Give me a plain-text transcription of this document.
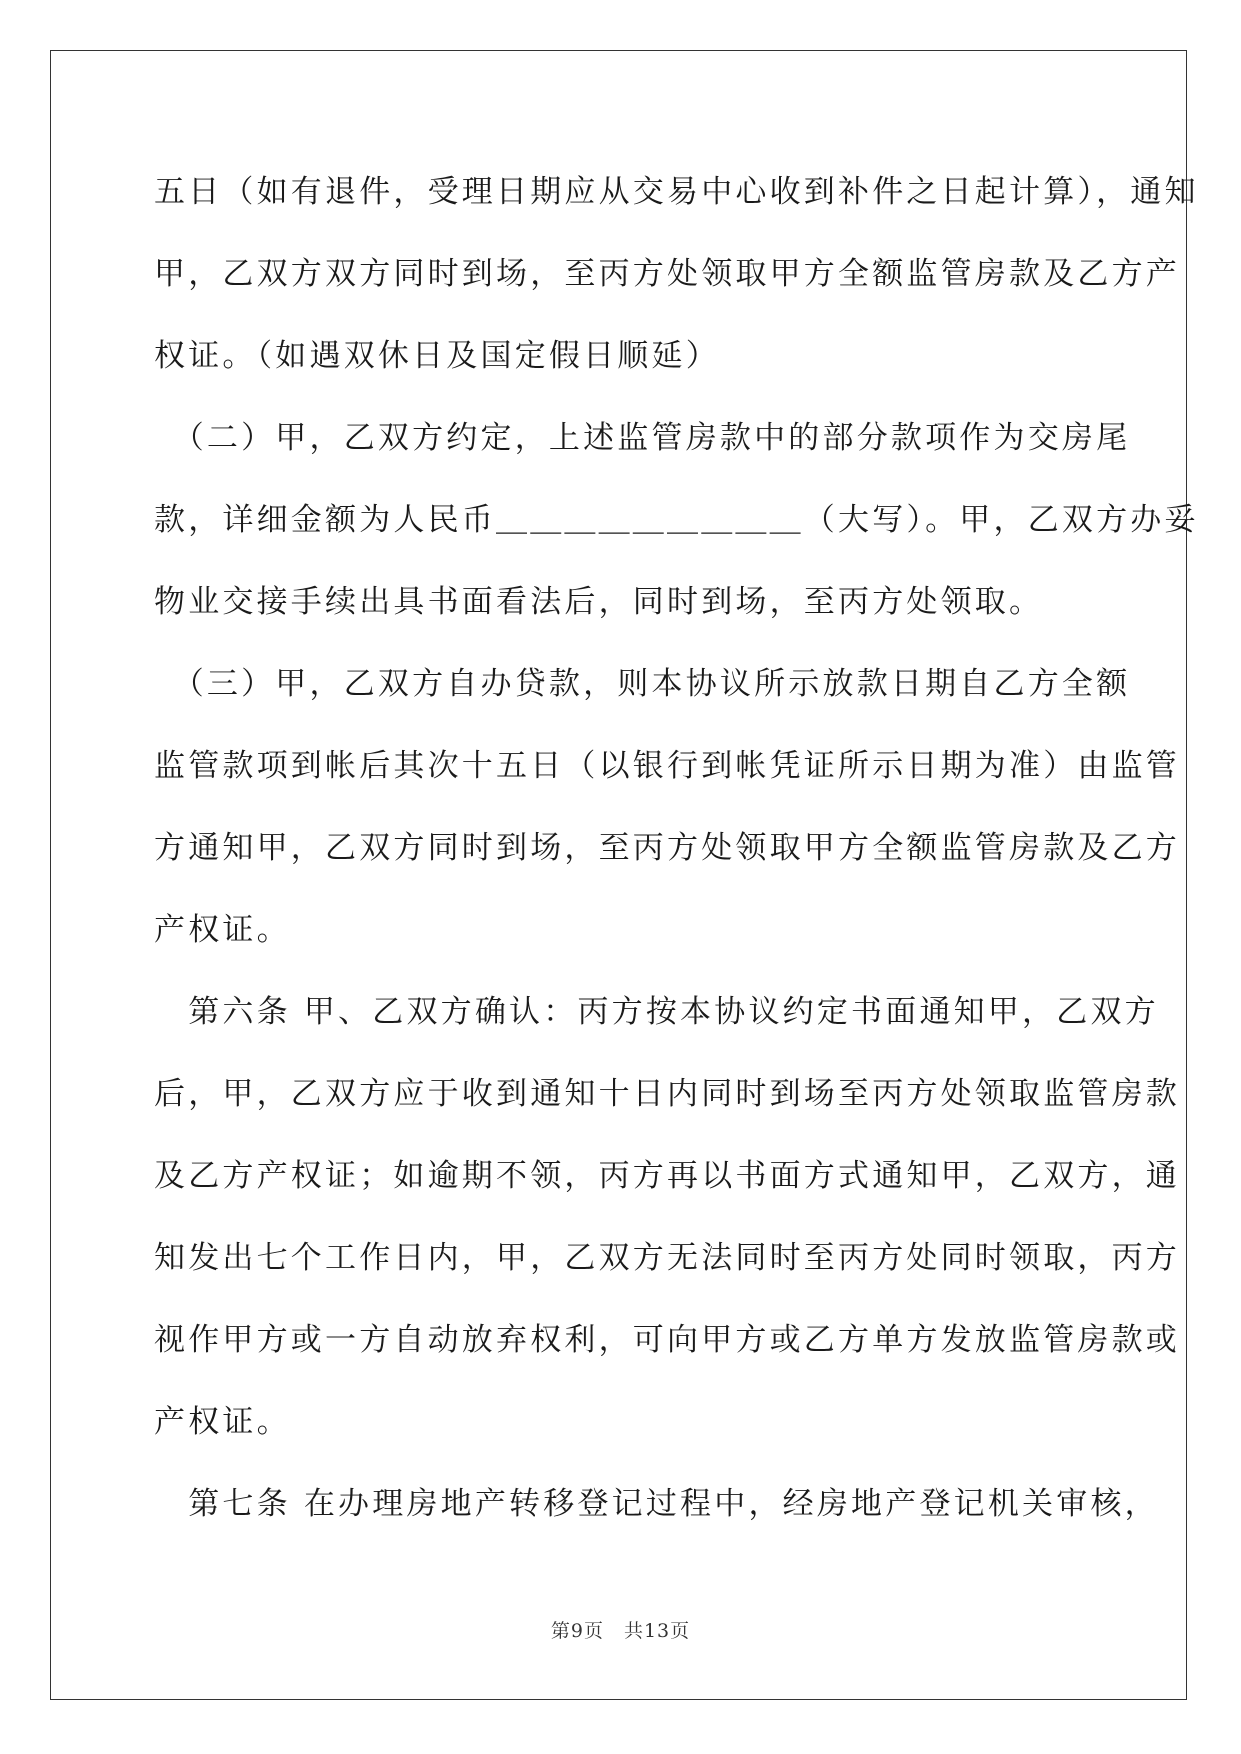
五日（如有退件，受理日期应从交易中心收到补件之日起计算），通知
甲，乙双方双方同时到场，至丙方处领取甲方全额监管房款及乙方产
权证。（如遇双休日及国定假日顺延）
　（二）甲，乙双方约定，上述监管房款中的部分款项作为交房尾
款，详细金额为人民币＿＿＿＿＿＿＿＿＿（大写）。甲，乙双方办妥
物业交接手续出具书面看法后，同时到场，至丙方处领取。
　（三）甲，乙双方自办贷款，则本协议所示放款日期自乙方全额
监管款项到帐后其次十五日（以银行到帐凭证所示日期为准）由监管
方通知甲，乙双方同时到场，至丙方处领取甲方全额监管房款及乙方
产权证。
　第六条 甲、乙双方确认：丙方按本协议约定书面通知甲，乙双方
后，甲，乙双方应于收到通知十日内同时到场至丙方处领取监管房款
及乙方产权证；如逾期不领，丙方再以书面方式通知甲，乙双方，通
知发出七个工作日内，甲，乙双方无法同时至丙方处同时领取，丙方
视作甲方或一方自动放弃权利，可向甲方或乙方单方发放监管房款或
产权证。
　第七条 在办理房地产转移登记过程中，经房地产登记机关审核，
第9页　共13页
